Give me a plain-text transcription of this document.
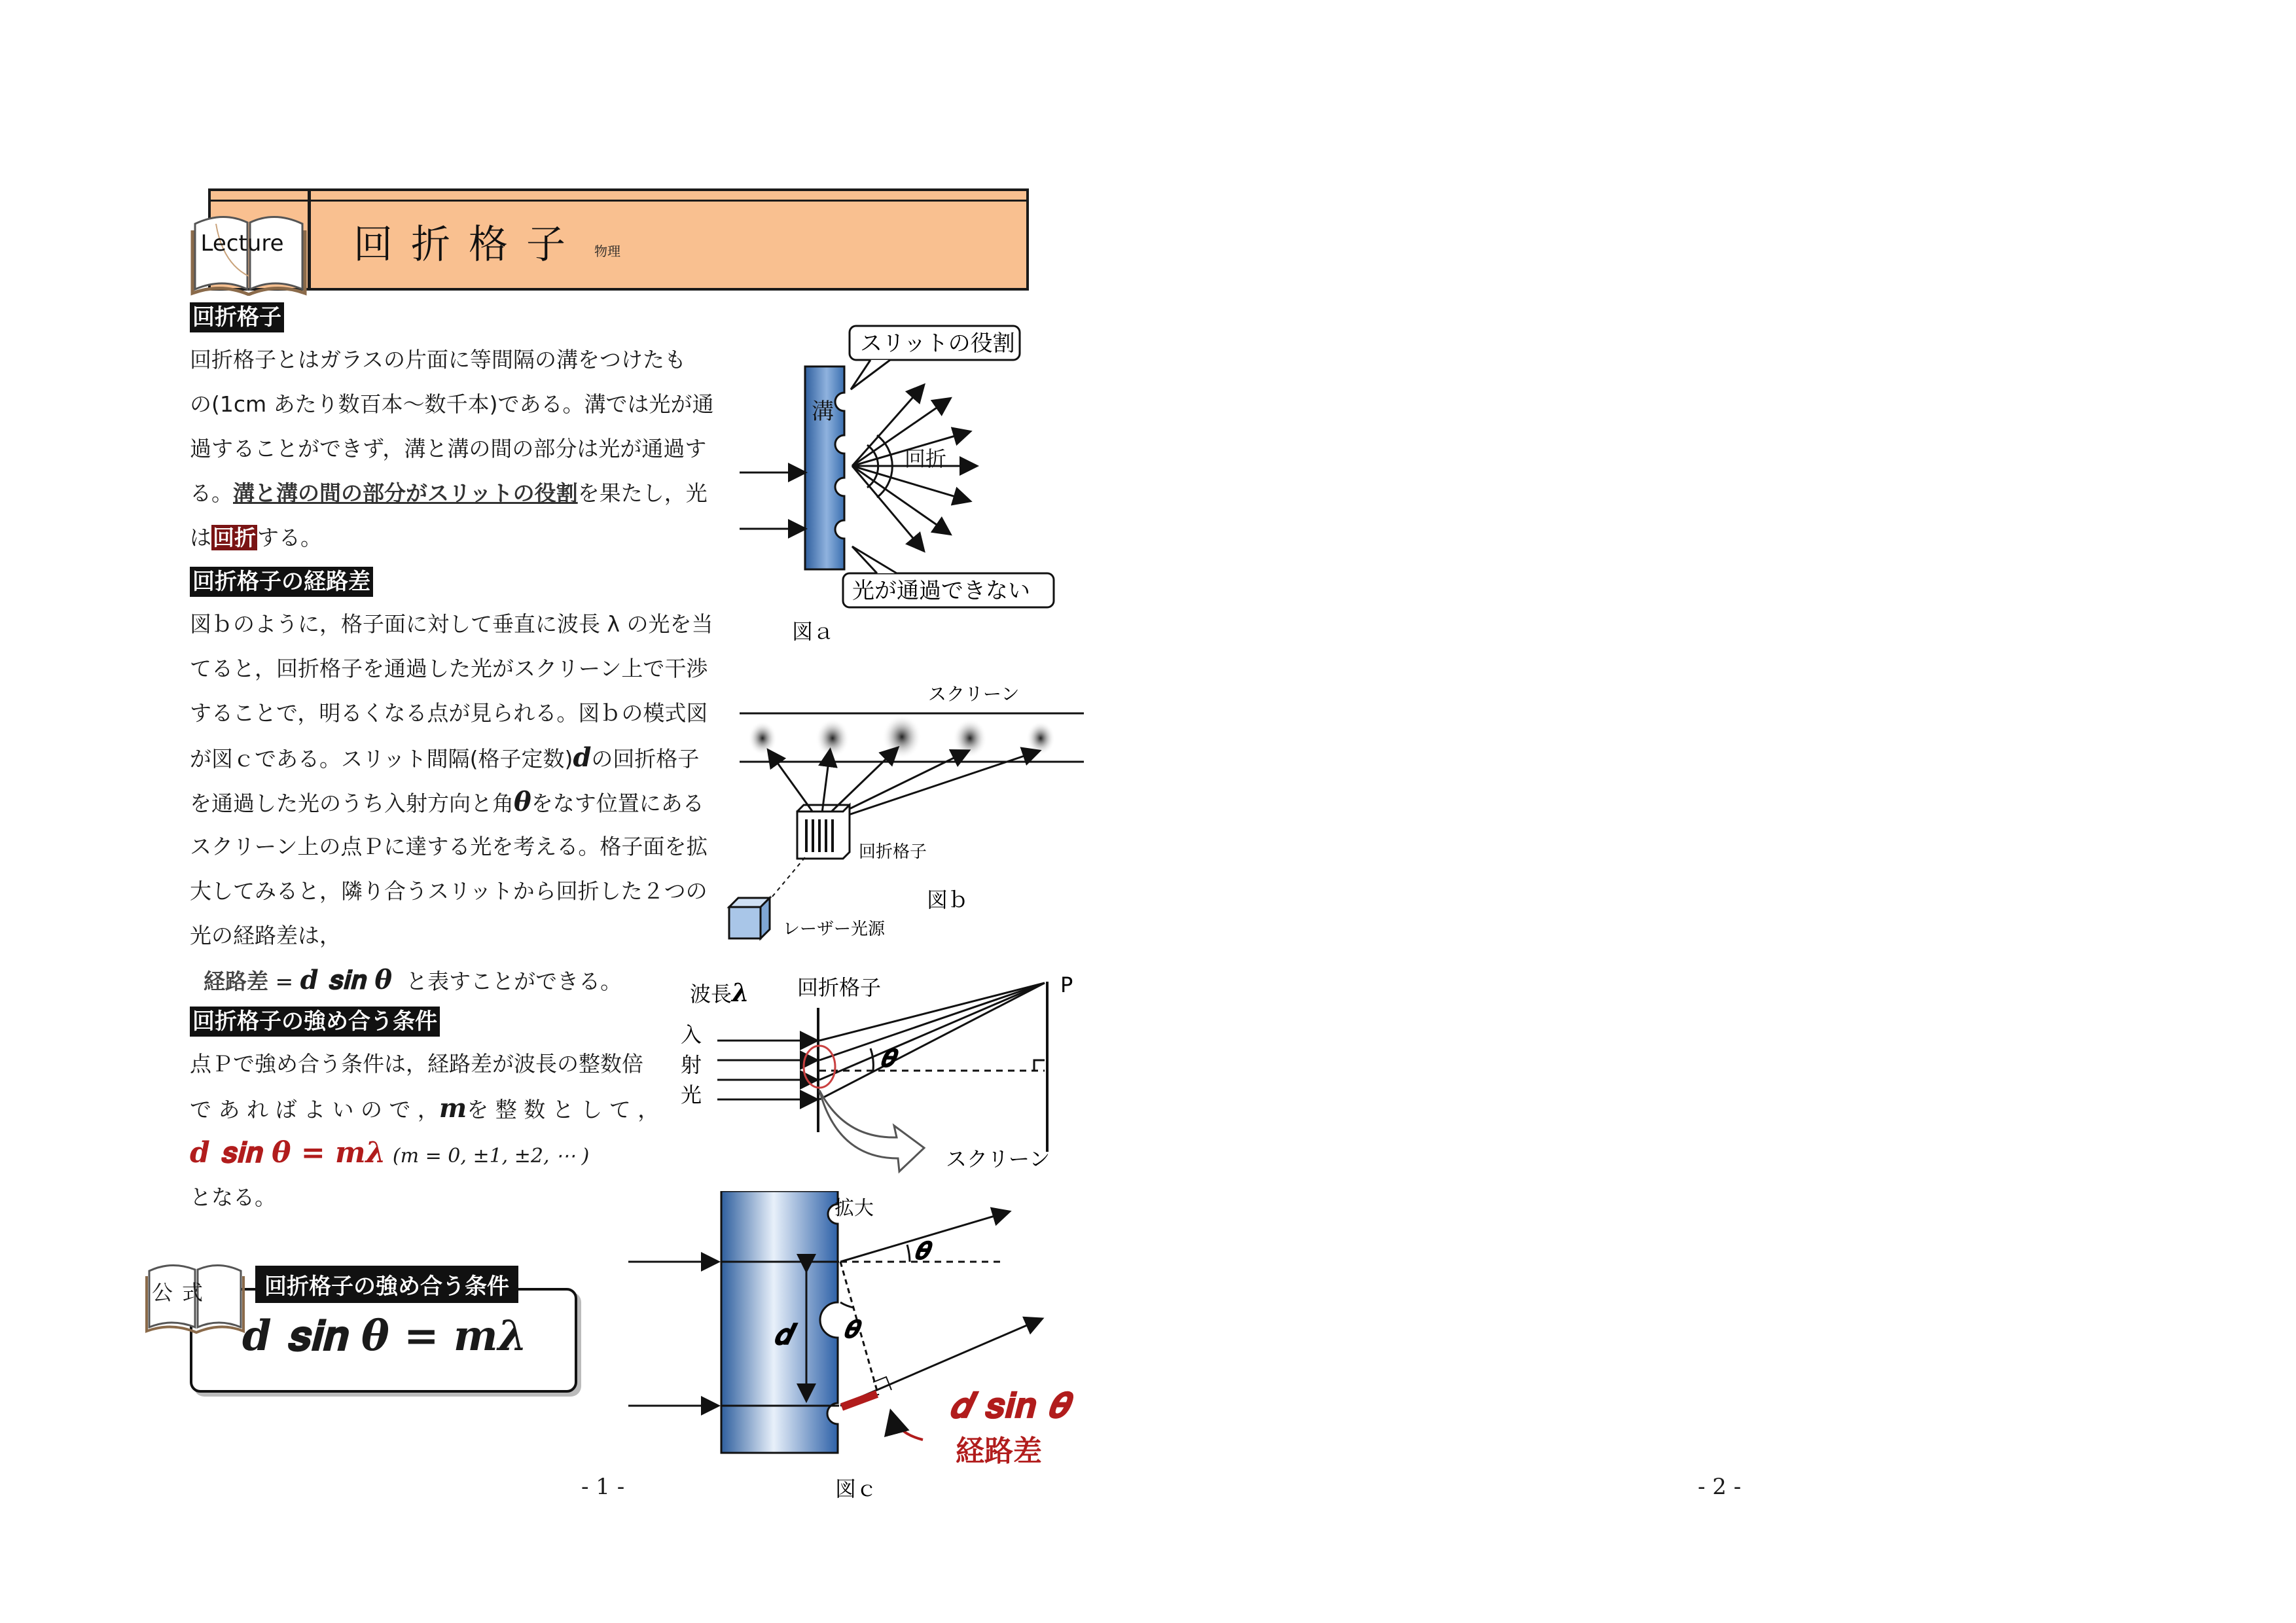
Lecture 回折格子 物理
回折格子
回折格子とはガラスの片面に等間隔の溝をつけたも
の(1cm あたり数百本〜数千本)である。溝では光が通
過することができず，溝と溝の間の部分は光が通過す
る。溝と溝の間の部分がスリットの役割を果たし，光
は回折する。
回折格子の経路差
図ｂのように，格子面に対して垂直に波長 λ の光を当
てると，回折格子を通過した光がスクリーン上で干渉
することで，明るくなる点が見られる。図ｂの模式図
が図ｃである。スリット間隔(格子定数)𝒅の回折格子
を通過した光のうち入射方向と角𝜽をなす位置にある
スクリーン上の点Ｐに達する光を考える。格子面を拡
大してみると，隣り合うスリットから回折した２つの
光の経路差は，
経路差 = 𝒅 𝐬𝐢𝐧 𝜽 と表すことができる。
回折格子の強め合う条件
点Ｐで強め合う条件は，経路差が波長の整数倍
で あ れ ば よ い の で ，𝒎を 整 数 と し て ，
𝒅 𝐬𝐢𝐧 𝜽 = 𝒎𝝀 (𝑚 = 0, ±1, ±2, ⋯ )
となる。
公式	回折格子の強め合う条件
𝒅 𝐬𝐢𝐧 𝜽 = 𝒎𝝀
スリットの役割
溝
回折
光が通過できない
図ａ
スクリーン
回折格子
レーザー光源
図ｂ
波長𝝀 回折格子	P
入
射
光
𝜽
スクリーン
拡大
𝒅
𝜽
𝜽
𝒅 𝐬𝐢𝐧 𝜽
経路差
図ｃ
- 1 -	- 2 -
